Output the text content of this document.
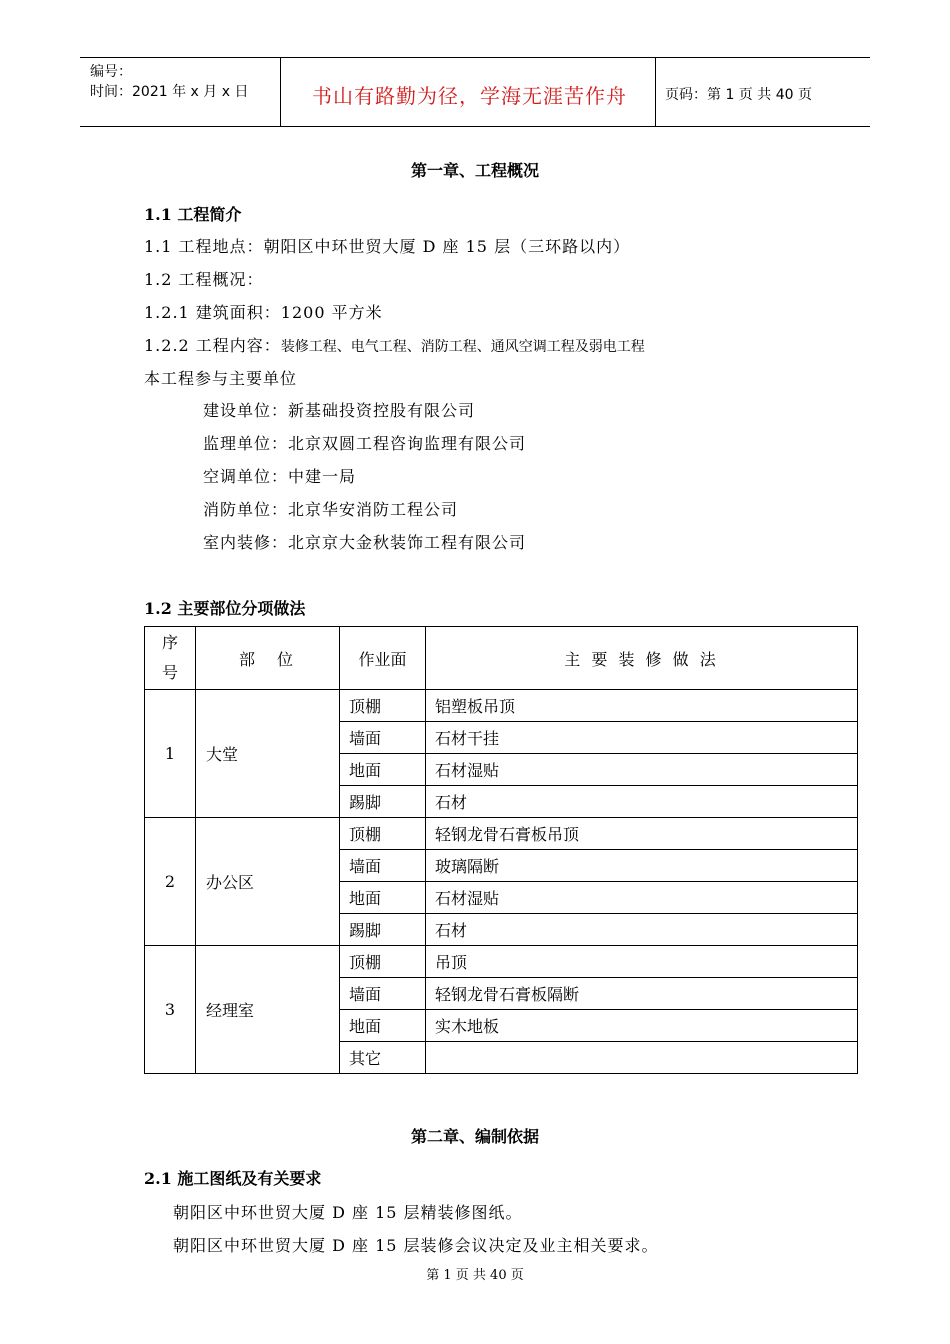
编号：
时间：2021 年 x 月 x 日	书山有路勤为径，学海无涯苦作舟	页码：第 1 页 共 40 页
第一章、工程概况
1.1 工程简介
1.1 工程地点：朝阳区中环世贸大厦 D 座 15 层（三环路以内）
1.2 工程概况：
1.2.1 建筑面积：1200 平方米
1.2.2 工程内容：装修工程、电气工程、消防工程、通风空调工程及弱电工程
本工程参与主要单位
建设单位：新基础投资控股有限公司
监理单位：北京双圆工程咨询监理有限公司
空调单位：中建一局
消防单位：北京华安消防工程公司
室内装修：北京京大金秋装饰工程有限公司
1.2 主要部位分项做法
序
号	部　位	作业面	主 要 装 修 做 法
1	大堂	顶棚	铝塑板吊顶
		墙面	石材干挂
		地面	石材湿贴
		踢脚	石材
2	办公区	顶棚	轻钢龙骨石膏板吊顶
		墙面	玻璃隔断
		地面	石材湿贴
		踢脚	石材
3	经理室	顶棚	吊顶
		墙面	轻钢龙骨石膏板隔断
		地面	实木地板
		其它	
第二章、编制依据
2.1 施工图纸及有关要求
朝阳区中环世贸大厦 D 座 15 层精装修图纸。
朝阳区中环世贸大厦 D 座 15 层装修会议决定及业主相关要求。
第 1 页 共 40 页
